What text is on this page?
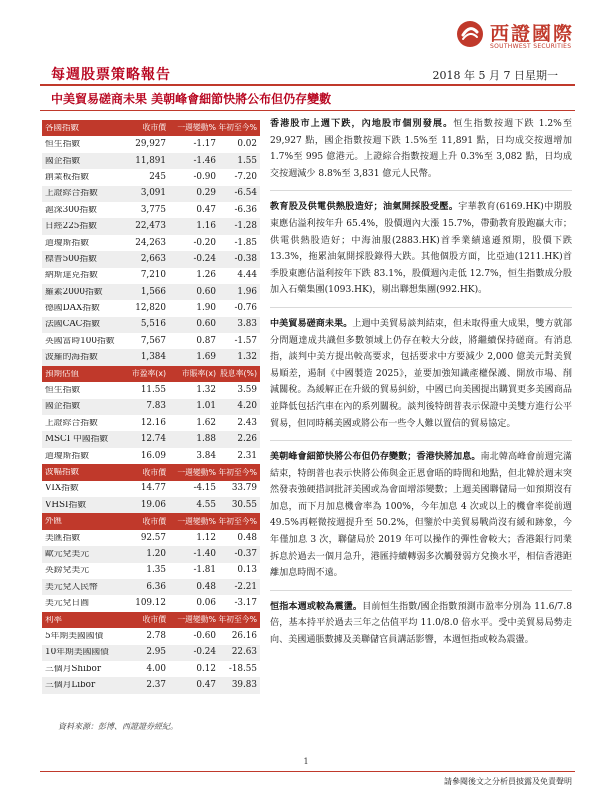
西證國際
SOUTHWEST SECURITIES
每週股票策略報告	2018 年 5 月 7 日星期一
中美貿易磋商未果 美朝峰會細節快將公布但仍存變數
各國指數	收市價	一週變動% 年初至今%
恒生指數	29,927	-1.17	0.02
國企指數	11,891	-1.46	1.55
創業板指數	245	-0.90	-7.20
上證綜合指數	3,091	0.29	-6.54
滬深300指數	3,775	0.47	-6.36
日經225指數	22,473	1.16	-1.28
道瓊斯指數	24,263	-0.20	-1.85
標普500指數	2,663	-0.24	-0.38
納斯達克指數	7,210	1.26	4.44
羅素2000指數	1,566	0.60	1.96
德國DAX指數	12,820	1.90	-0.76
法國CAC指數	5,516	0.60	3.83
英國富時100指數	7,567	0.87	-1.57
波羅的海指數	1,384	1.69	1.32
預期估值	市盈率(x)	市賬率(x) 股息率(%)
恒生指數	11.55	1.32	3.59
國企指數	7.83	1.01	4.20
上證綜合指數	12.16	1.62	2.43
MSCI 中國指數	12.74	1.88	2.26
道瓊斯指數	16.09	3.84	2.31
波幅指數	收市價	一週變動% 年初至今%
VIX指數	14.77	-4.15	33.79
VHSI指數	19.06	4.55	30.55
外匯	收市價	一週變動% 年初至今%
美匯指數	92.57	1.12	0.48
歐元兌美元	1.20	-1.40	-0.37
英鎊兌美元	1.35	-1.81	0.13
美元兌人民幣	6.36	0.48	-2.21
美元兌日圓	109.12	0.06	-3.17
利率	收市價	一週變動% 年初至今%
5年期美國國債	2.78	-0.60	26.16
10年期美國國債	2.95	-0.24	22.63
三個月Shibor	4.00	0.12	-18.55
三個月Libor	2.37	0.47	39.83
資料來源：彭博、西證證券經紀。

香港股市上週下跌，內地股市個別發展。恒生指數按週下跌 1.2%至 29,927 點，國企指數按週下跌 1.5%至 11,891 點，日均成交按週增加 1.7%至 995 億港元。上證綜合指數按週上升 0.3%至 3,082 點，日均成交按週減少 8.8%至 3,831 億元人民幣。

教育股及供電供熱股造好；油氣開採股受壓。宇華教育(6169.HK)中期股東應佔溢利按年升 65.4%，股價週內大漲 15.7%，帶動教育股跑贏大市；供電供熱股造好；中海油服(2883.HK)首季業績遠遜預期，股價下跌 13.3%，拖累油氣開採股錄得大跌。其他個股方面，比亞迪(1211.HK)首季股東應佔溢利按年下跌 83.1%，股價週內走低 12.7%，恒生指數成分股加入石藥集團(1093.HK)，剔出聯想集團(992.HK)。

中美貿易磋商未果。上週中美貿易談判結束，但未取得重大成果，雙方就部分問題達成共識但多數領域上仍存在較大分歧，將繼續保持磋商。有消息指，談判中美方提出較高要求，包括要求中方要減少 2,000 億美元對美貿易順差，遏制《中國製造 2025》，並要加強知識產權保護、開放市場、削減關稅。為緩解正在升級的貿易糾紛，中國已向美國提出購買更多美國商品並降低包括汽車在內的系列關稅。談判後特朗普表示保證中美雙方進行公平貿易，但同時稱美國或將公布一些令人難以置信的貿易協定。

美朝峰會細節快將公布但仍存變數；香港快將加息。南北韓高峰會前週完滿結束，特朗普也表示快將公佈與金正恩會晤的時間和地點，但北韓於週末突然發表強硬措詞批評美國或為會面增添變數；上週美國聯儲局一如預期沒有加息，而下月加息機會率為 100%，今年加息 4 次或以上的機會率從前週 49.5%再輕微按週提升至 50.2%，但鑒於中美貿易戰尚沒有緩和跡象，今年僅加息 3 次，聯儲局於 2019 年可以操作的彈性會較大；香港銀行同業拆息於過去一個月急升，港匯持續轉弱多次觸發弱方兌換水平，相信香港距離加息時間不遠。

恒指本週或較為震盪。目前恒生指數/國企指數預測市盈率分別為 11.6/7.8 倍，基本持平於過去三年之估值平均 11.0/8.0 倍水平。受中美貿易局勢走向、美國通脹數據及美聯儲官員講話影響，本週恒指或較為震盪。

1
請參閱後文之分析員披露及免責聲明
